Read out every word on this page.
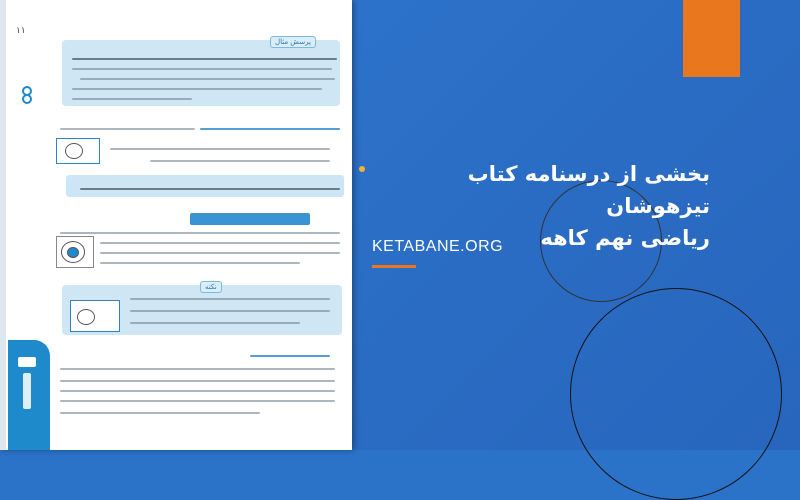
۱۱
پرسش مثال
نکته
بخشی از درسنامه کتاب تیزهوشان
ریاضی نهم کاهه
KETABANE.ORG
